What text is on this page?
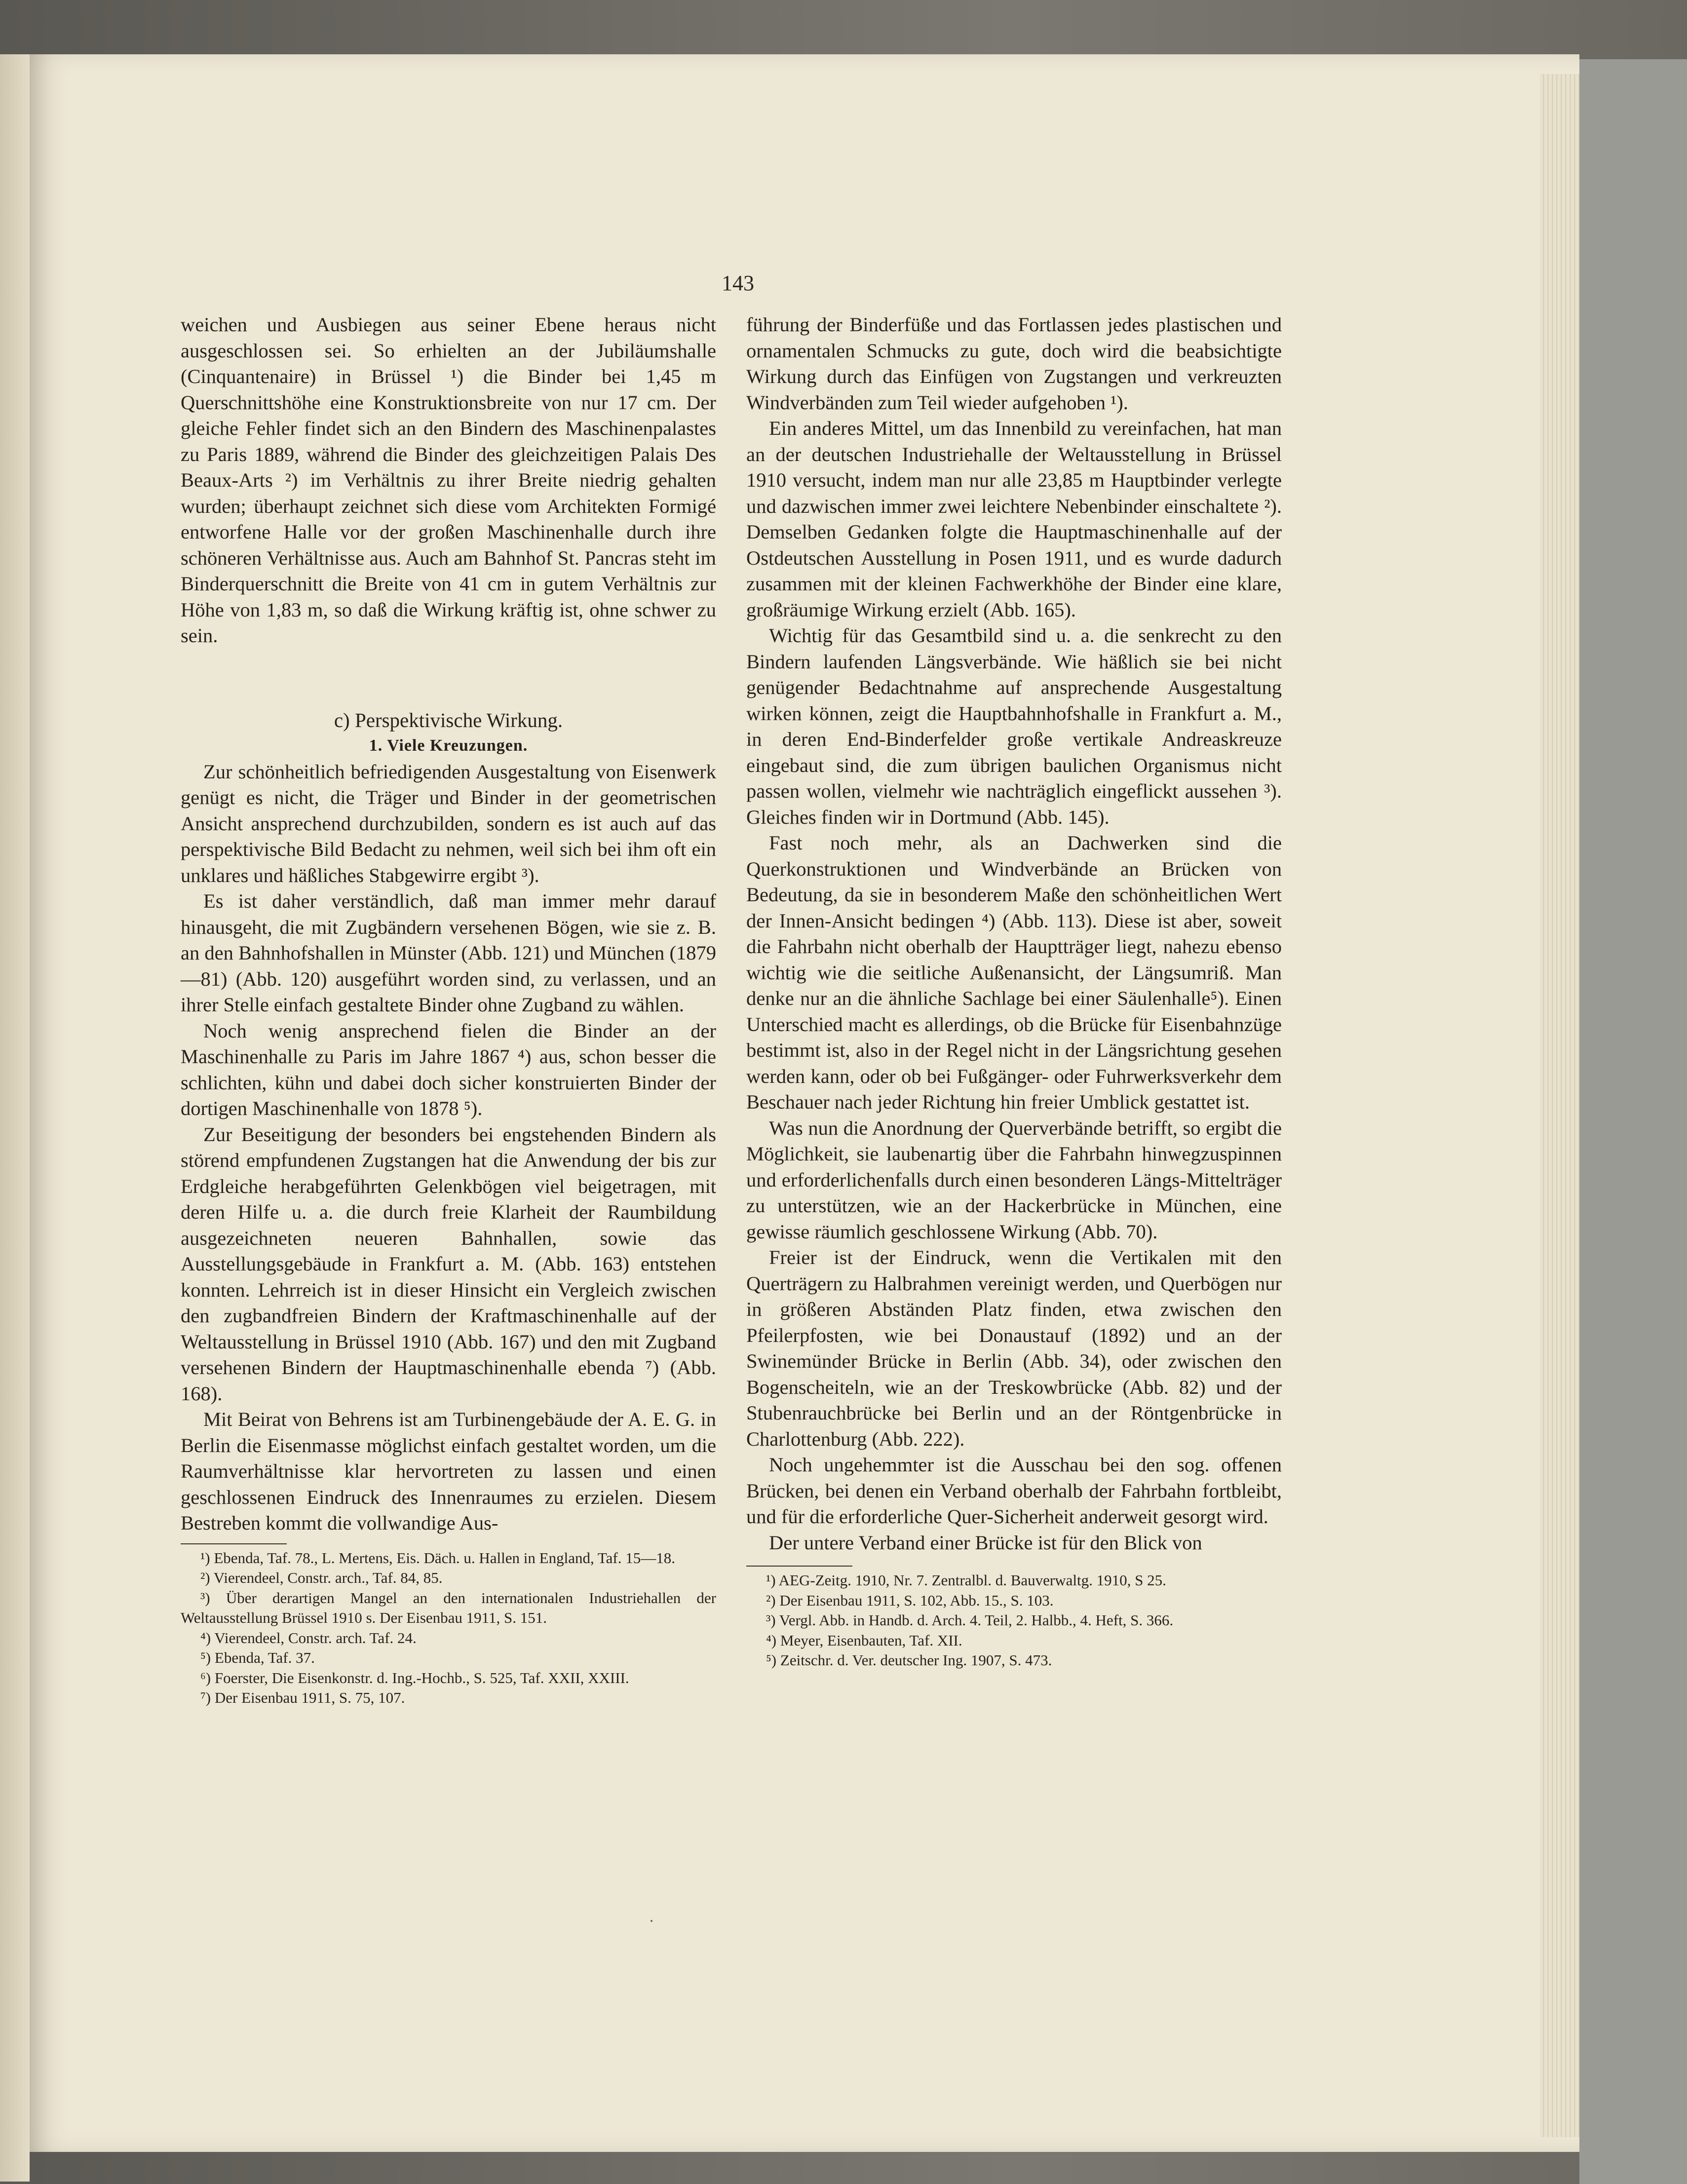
143

weichen und Ausbiegen aus seiner Ebene heraus nicht ausgeschlossen sei. So erhielten an der Jubiläumshalle (Cinquantenaire) in Brüssel ¹) die Binder bei 1,45 m Querschnittshöhe eine Konstruktionsbreite von nur 17 cm. Der gleiche Fehler findet sich an den Bindern des Maschinenpalastes zu Paris 1889, während die Binder des gleichzeitigen Palais Des Beaux-Arts ²) im Verhältnis zu ihrer Breite niedrig gehalten wurden; überhaupt zeichnet sich diese vom Architekten Formigé entworfene Halle vor der großen Maschinenhalle durch ihre schöneren Verhältnisse aus. Auch am Bahnhof St. Pancras steht im Binderquerschnitt die Breite von 41 cm in gutem Verhältnis zur Höhe von 1,83 m, so daß die Wirkung kräftig ist, ohne schwer zu sein.

c) Perspektivische Wirkung.

1. Viele Kreuzungen.

Zur schönheitlich befriedigenden Ausgestaltung von Eisenwerk genügt es nicht, die Träger und Binder in der geometrischen Ansicht ansprechend durchzubilden, sondern es ist auch auf das perspektivische Bild Bedacht zu nehmen, weil sich bei ihm oft ein unklares und häßliches Stabgewirre ergibt ³).

Es ist daher verständlich, daß man immer mehr darauf hinausgeht, die mit Zugbändern versehenen Bögen, wie sie z. B. an den Bahnhofshallen in Münster (Abb. 121) und München (1879—81) (Abb. 120) ausgeführt worden sind, zu verlassen, und an ihrer Stelle einfach gestaltete Binder ohne Zugband zu wählen.

Noch wenig ansprechend fielen die Binder an der Maschinenhalle zu Paris im Jahre 1867 ⁴) aus, schon besser die schlichten, kühn und dabei doch sicher konstruierten Binder der dortigen Maschinenhalle von 1878 ⁵).

Zur Beseitigung der besonders bei engstehenden Bindern als störend empfundenen Zugstangen hat die Anwendung der bis zur Erdgleiche herabgeführten Gelenkbögen viel beigetragen, mit deren Hilfe u. a. die durch freie Klarheit der Raumbildung ausgezeichneten neueren Bahnhallen, sowie das Ausstellungsgebäude in Frankfurt a. M. (Abb. 163) entstehen konnten. Lehrreich ist in dieser Hinsicht ein Vergleich zwischen den zugbandfreien Bindern der Kraftmaschinenhalle auf der Weltausstellung in Brüssel 1910 (Abb. 167) und den mit Zugband versehenen Bindern der Hauptmaschinenhalle ebenda ⁷) (Abb. 168).

Mit Beirat von Behrens ist am Turbinengebäude der A. E. G. in Berlin die Eisenmasse möglichst einfach gestaltet worden, um die Raumverhältnisse klar hervortreten zu lassen und einen geschlossenen Eindruck des Innenraumes zu erzielen. Diesem Bestreben kommt die vollwandige Aus-

¹) Ebenda, Taf. 78., L. Mertens, Eis. Däch. u. Hallen in England, Taf. 15—18.

²) Vierendeel, Constr. arch., Taf. 84, 85.

³) Über derartigen Mangel an den internationalen Industriehallen der Weltausstellung Brüssel 1910 s. Der Eisenbau 1911, S. 151.

⁴) Vierendeel, Constr. arch. Taf. 24.

⁵) Ebenda, Taf. 37.

⁶) Foerster, Die Eisenkonstr. d. Ing.-Hochb., S. 525, Taf. XXII, XXIII.

⁷) Der Eisenbau 1911, S. 75, 107.

führung der Binderfüße und das Fortlassen jedes plastischen und ornamentalen Schmucks zu gute, doch wird die beabsichtigte Wirkung durch das Einfügen von Zugstangen und verkreuzten Windverbänden zum Teil wieder aufgehoben ¹).

Ein anderes Mittel, um das Innenbild zu vereinfachen, hat man an der deutschen Industriehalle der Weltausstellung in Brüssel 1910 versucht, indem man nur alle 23,85 m Hauptbinder verlegte und dazwischen immer zwei leichtere Nebenbinder einschaltete ²). Demselben Gedanken folgte die Hauptmaschinenhalle auf der Ostdeutschen Ausstellung in Posen 1911, und es wurde dadurch zusammen mit der kleinen Fachwerkhöhe der Binder eine klare, großräumige Wirkung erzielt (Abb. 165).

Wichtig für das Gesamtbild sind u. a. die senkrecht zu den Bindern laufenden Längsverbände. Wie häßlich sie bei nicht genügender Bedachtnahme auf ansprechende Ausgestaltung wirken können, zeigt die Hauptbahnhofshalle in Frankfurt a. M., in deren End-Binderfelder große vertikale Andreaskreuze eingebaut sind, die zum übrigen baulichen Organismus nicht passen wollen, vielmehr wie nachträglich eingeflickt aussehen ³). Gleiches finden wir in Dortmund (Abb. 145).

Fast noch mehr, als an Dachwerken sind die Querkonstruktionen und Windverbände an Brücken von Bedeutung, da sie in besonderem Maße den schönheitlichen Wert der Innen-Ansicht bedingen ⁴) (Abb. 113). Diese ist aber, soweit die Fahrbahn nicht oberhalb der Hauptträger liegt, nahezu ebenso wichtig wie die seitliche Außenansicht, der Längsumriß. Man denke nur an die ähnliche Sachlage bei einer Säulenhalle⁵). Einen Unterschied macht es allerdings, ob die Brücke für Eisenbahnzüge bestimmt ist, also in der Regel nicht in der Längsrichtung gesehen werden kann, oder ob bei Fußgänger- oder Fuhrwerksverkehr dem Beschauer nach jeder Richtung hin freier Umblick gestattet ist.

Was nun die Anordnung der Querverbände betrifft, so ergibt die Möglichkeit, sie laubenartig über die Fahrbahn hinwegzuspinnen und erforderlichenfalls durch einen besonderen Längs-Mittelträger zu unterstützen, wie an der Hackerbrücke in München, eine gewisse räumlich geschlossene Wirkung (Abb. 70).

Freier ist der Eindruck, wenn die Vertikalen mit den Querträgern zu Halbrahmen vereinigt werden, und Querbögen nur in größeren Abständen Platz finden, etwa zwischen den Pfeilerpfosten, wie bei Donaustauf (1892) und an der Swinemünder Brücke in Berlin (Abb. 34), oder zwischen den Bogenscheiteln, wie an der Treskowbrücke (Abb. 82) und der Stubenrauchbrücke bei Berlin und an der Röntgenbrücke in Charlottenburg (Abb. 222).

Noch ungehemmter ist die Ausschau bei den sog. offenen Brücken, bei denen ein Verband oberhalb der Fahrbahn fortbleibt, und für die erforderliche Quer-Sicherheit anderweit gesorgt wird.

Der untere Verband einer Brücke ist für den Blick von

¹) AEG-Zeitg. 1910, Nr. 7. Zentralbl. d. Bauverwaltg. 1910, S 25.

²) Der Eisenbau 1911, S. 102, Abb. 15., S. 103.

³) Vergl. Abb. in Handb. d. Arch. 4. Teil, 2. Halbb., 4. Heft, S. 366.

⁴) Meyer, Eisenbauten, Taf. XII.

⁵) Zeitschr. d. Ver. deutscher Ing. 1907, S. 473.
